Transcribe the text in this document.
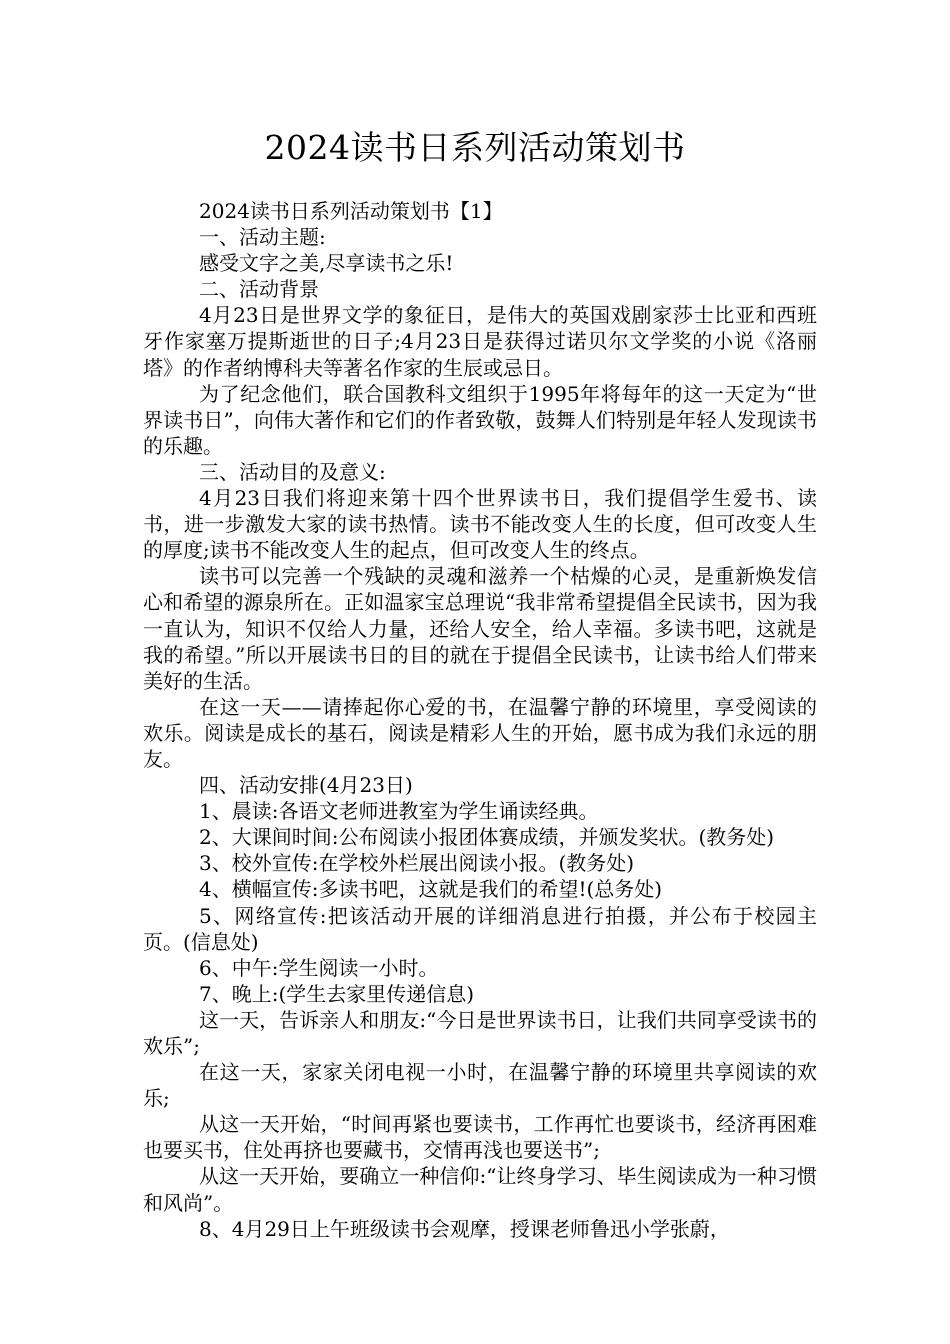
2024读书日系列活动策划书

2024读书日系列活动策划书【1】

一、活动主题:

感受文字之美,尽享读书之乐!

二、活动背景

4月23日是世界文学的象征日，是伟大的英国戏剧家莎士比亚和西班牙作家塞万提斯逝世的日子;4月23日是获得过诺贝尔文学奖的小说《洛丽塔》的作者纳博科夫等著名作家的生辰或忌日。

为了纪念他们，联合国教科文组织于1995年将每年的这一天定为“世界读书日”，向伟大著作和它们的作者致敬，鼓舞人们特别是年轻人发现读书的乐趣。

三、活动目的及意义:

4月23日我们将迎来第十四个世界读书日，我们提倡学生爱书、读书，进一步激发大家的读书热情。读书不能改变人生的长度，但可改变人生的厚度;读书不能改变人生的起点，但可改变人生的终点。

读书可以完善一个残缺的灵魂和滋养一个枯燥的心灵，是重新焕发信心和希望的源泉所在。正如温家宝总理说“我非常希望提倡全民读书，因为我一直认为，知识不仅给人力量，还给人安全，给人幸福。多读书吧，这就是我的希望。”所以开展读书日的目的就在于提倡全民读书，让读书给人们带来美好的生活。

在这一天——请捧起你心爱的书，在温馨宁静的环境里，享受阅读的欢乐。阅读是成长的基石，阅读是精彩人生的开始，愿书成为我们永远的朋友。

四、活动安排(4月23日)

1、晨读:各语文老师进教室为学生诵读经典。

2、大课间时间:公布阅读小报团体赛成绩，并颁发奖状。(教务处)

3、校外宣传:在学校外栏展出阅读小报。(教务处)

4、横幅宣传:多读书吧，这就是我们的希望!(总务处)

5、网络宣传:把该活动开展的详细消息进行拍摄，并公布于校园主页。(信息处)

6、中午:学生阅读一小时。

7、晚上:(学生去家里传递信息)

这一天，告诉亲人和朋友:“今日是世界读书日，让我们共同享受读书的欢乐”;

在这一天，家家关闭电视一小时，在温馨宁静的环境里共享阅读的欢乐;

从这一天开始，“时间再紧也要读书，工作再忙也要谈书，经济再困难也要买书，住处再挤也要藏书，交情再浅也要送书”;

从这一天开始，要确立一种信仰:“让终身学习、毕生阅读成为一种习惯和风尚”。

8、4月29日上午班级读书会观摩，授课老师鲁迅小学张蔚，
